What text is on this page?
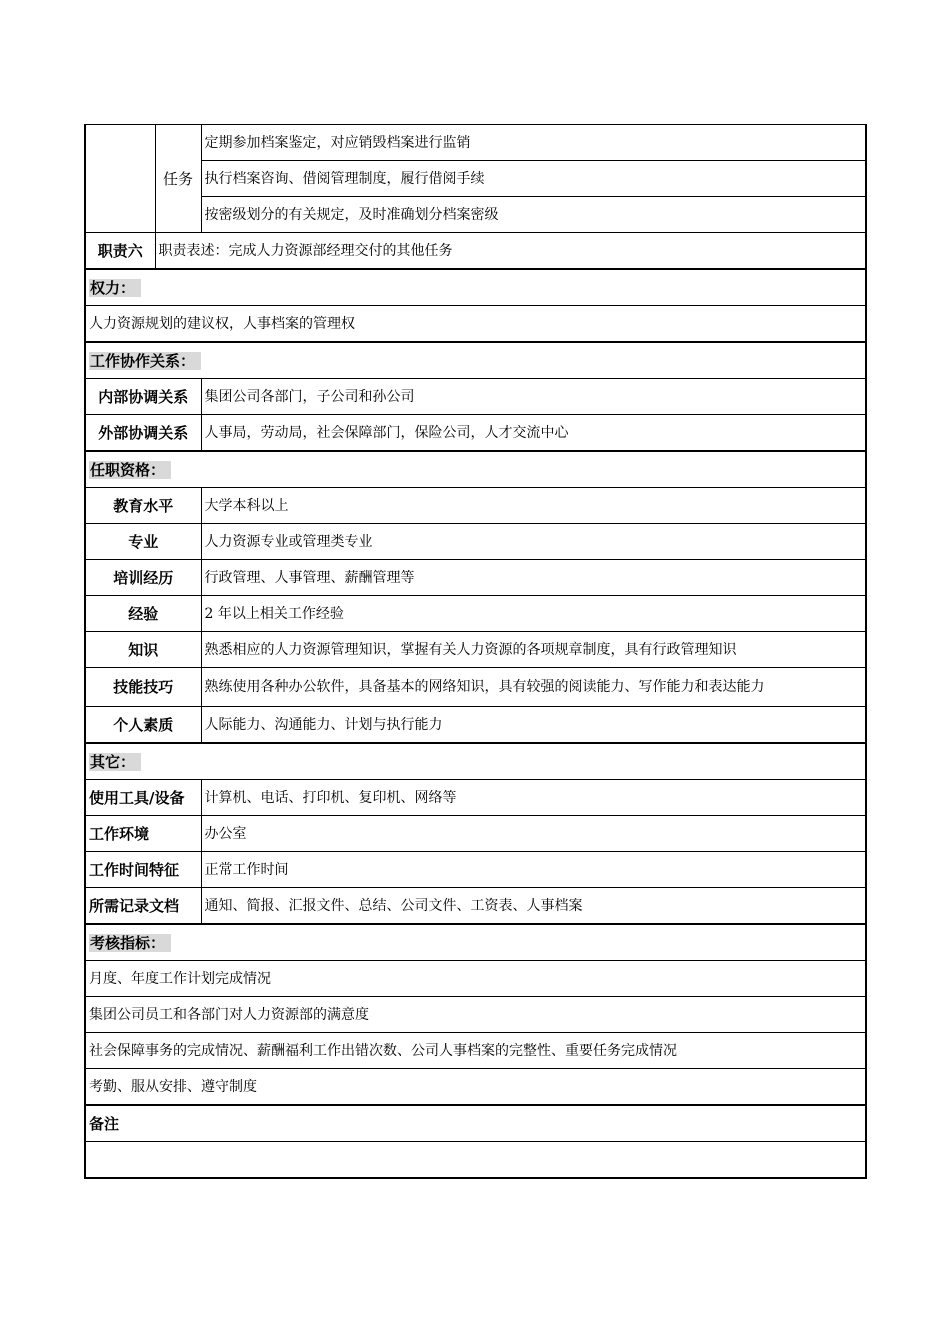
	任务	定期参加档案鉴定，对应销毁档案进行监销
		执行档案咨询、借阅管理制度，履行借阅手续
		按密级划分的有关规定，及时准确划分档案密级
职责六	职责表述：完成人力资源部经理交付的其他任务	
权力：		
人力资源规划的建议权，人事档案的管理权		
工作协作关系：		
内部协调关系		集团公司各部门，子公司和孙公司
外部协调关系		人事局，劳动局，社会保障部门，保险公司，人才交流中心
任职资格：		
教育水平		大学本科以上
专业		人力资源专业或管理类专业
培训经历		行政管理、人事管理、薪酬管理等
经验		2 年以上相关工作经验
知识		熟悉相应的人力资源管理知识，掌握有关人力资源的各项规章制度，具有行政管理知识
技能技巧		熟练使用各种办公软件，具备基本的网络知识，具有较强的阅读能力、写作能力和表达能力
个人素质		人际能力、沟通能力、计划与执行能力
其它：		
使用工具/设备		计算机、电话、打印机、复印机、网络等
工作环境		办公室
工作时间特征		正常工作时间
所需记录文档		通知、简报、汇报文件、总结、公司文件、工资表、人事档案
考核指标：		
月度、年度工作计划完成情况		
集团公司员工和各部门对人力资源部的满意度		
社会保障事务的完成情况、薪酬福利工作出错次数、公司人事档案的完整性、重要任务完成情况		
考勤、服从安排、遵守制度		
备注		
